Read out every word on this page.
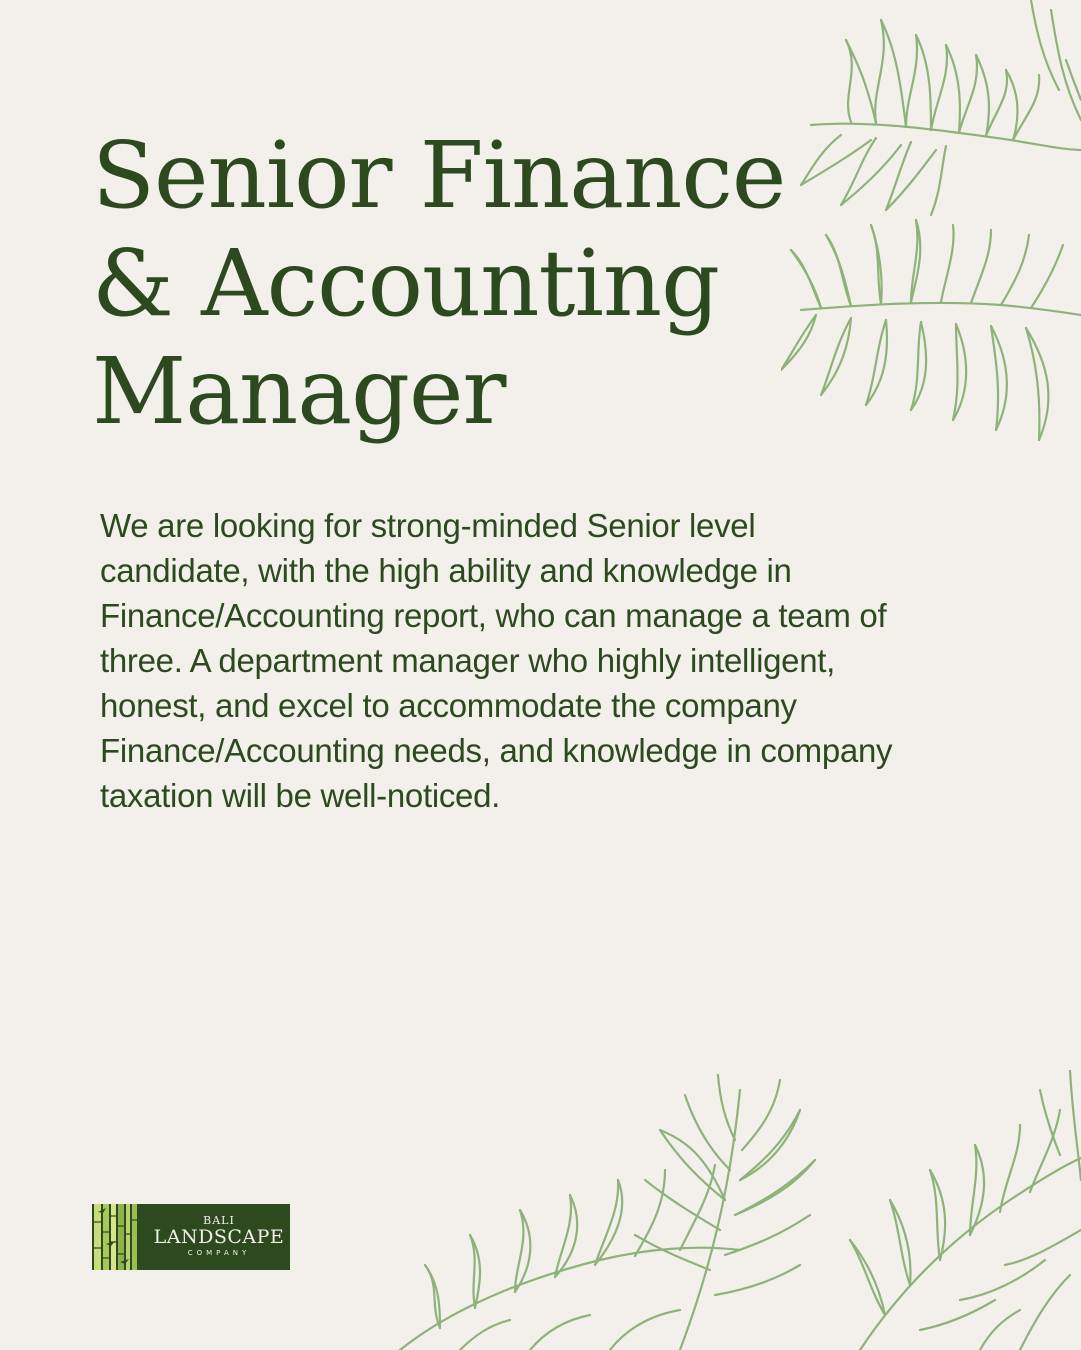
Senior Finance
& Accounting
Manager

We are looking for strong-minded Senior level
candidate, with the high ability and knowledge in
Finance/Accounting report, who can manage a team of
three. A department manager who highly intelligent,
honest, and excel to accommodate the company
Finance/Accounting needs, and knowledge in company
taxation will be well-noticed.

BALI
LANDSCAPE
COMPANY
